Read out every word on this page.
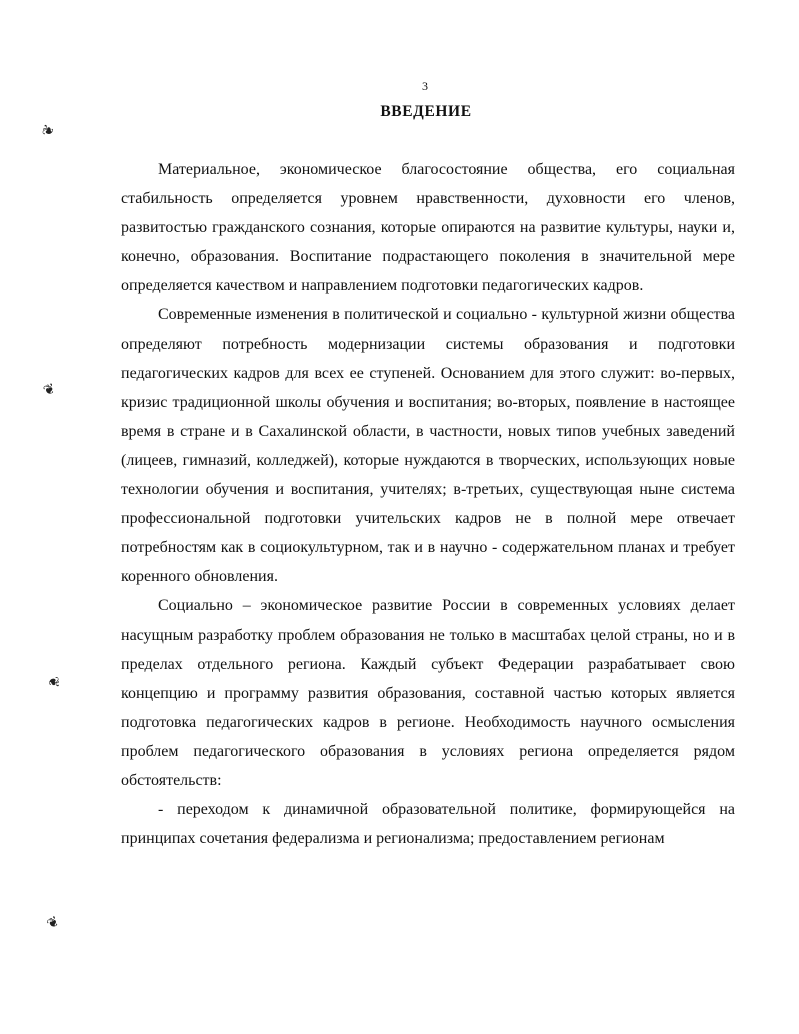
3
ВВЕДЕНИЕ

Материальное, экономическое благосостояние общества, его социальная стабильность определяется уровнем нравственности, духовности его членов, развитостью гражданского сознания, которые опираются на развитие культуры, науки и, конечно, образования. Воспитание подрастающего поколения в значительной мере определяется качеством и направлением подготовки педагогических кадров.

Современные изменения в политической и социально - культурной жизни общества определяют потребность модернизации системы образования и подготовки педагогических кадров для всех ее ступеней. Основанием для этого служит: во-первых, кризис традиционной школы обучения и воспитания; во-вторых, появление в настоящее время в стране и в Сахалинской области, в частности, новых типов учебных заведений (лицеев, гимназий, колледжей), которые нуждаются в творческих, использующих новые технологии обучения и воспитания, учителях; в-третьих, существующая ныне система профессиональной подготовки учительских кадров не в полной мере отвечает потребностям как в социокультурном, так и в научно - содержательном планах и требует коренного обновления.

Социально – экономическое развитие России в современных условиях делает насущным разработку проблем образования не только в масштабах целой страны, но и в пределах отдельного региона. Каждый субъект Федерации разрабатывает свою концепцию и программу развития образования, составной частью которых является подготовка педагогических кадров в регионе. Необходимость научного осмысления проблем педагогического образования в условиях региона определяется рядом обстоятельств:

- переходом к динамичной образовательной политике, формирующейся на принципах сочетания федерализма и регионализма; предоставлением регионам

❦
❦
❦
❦
